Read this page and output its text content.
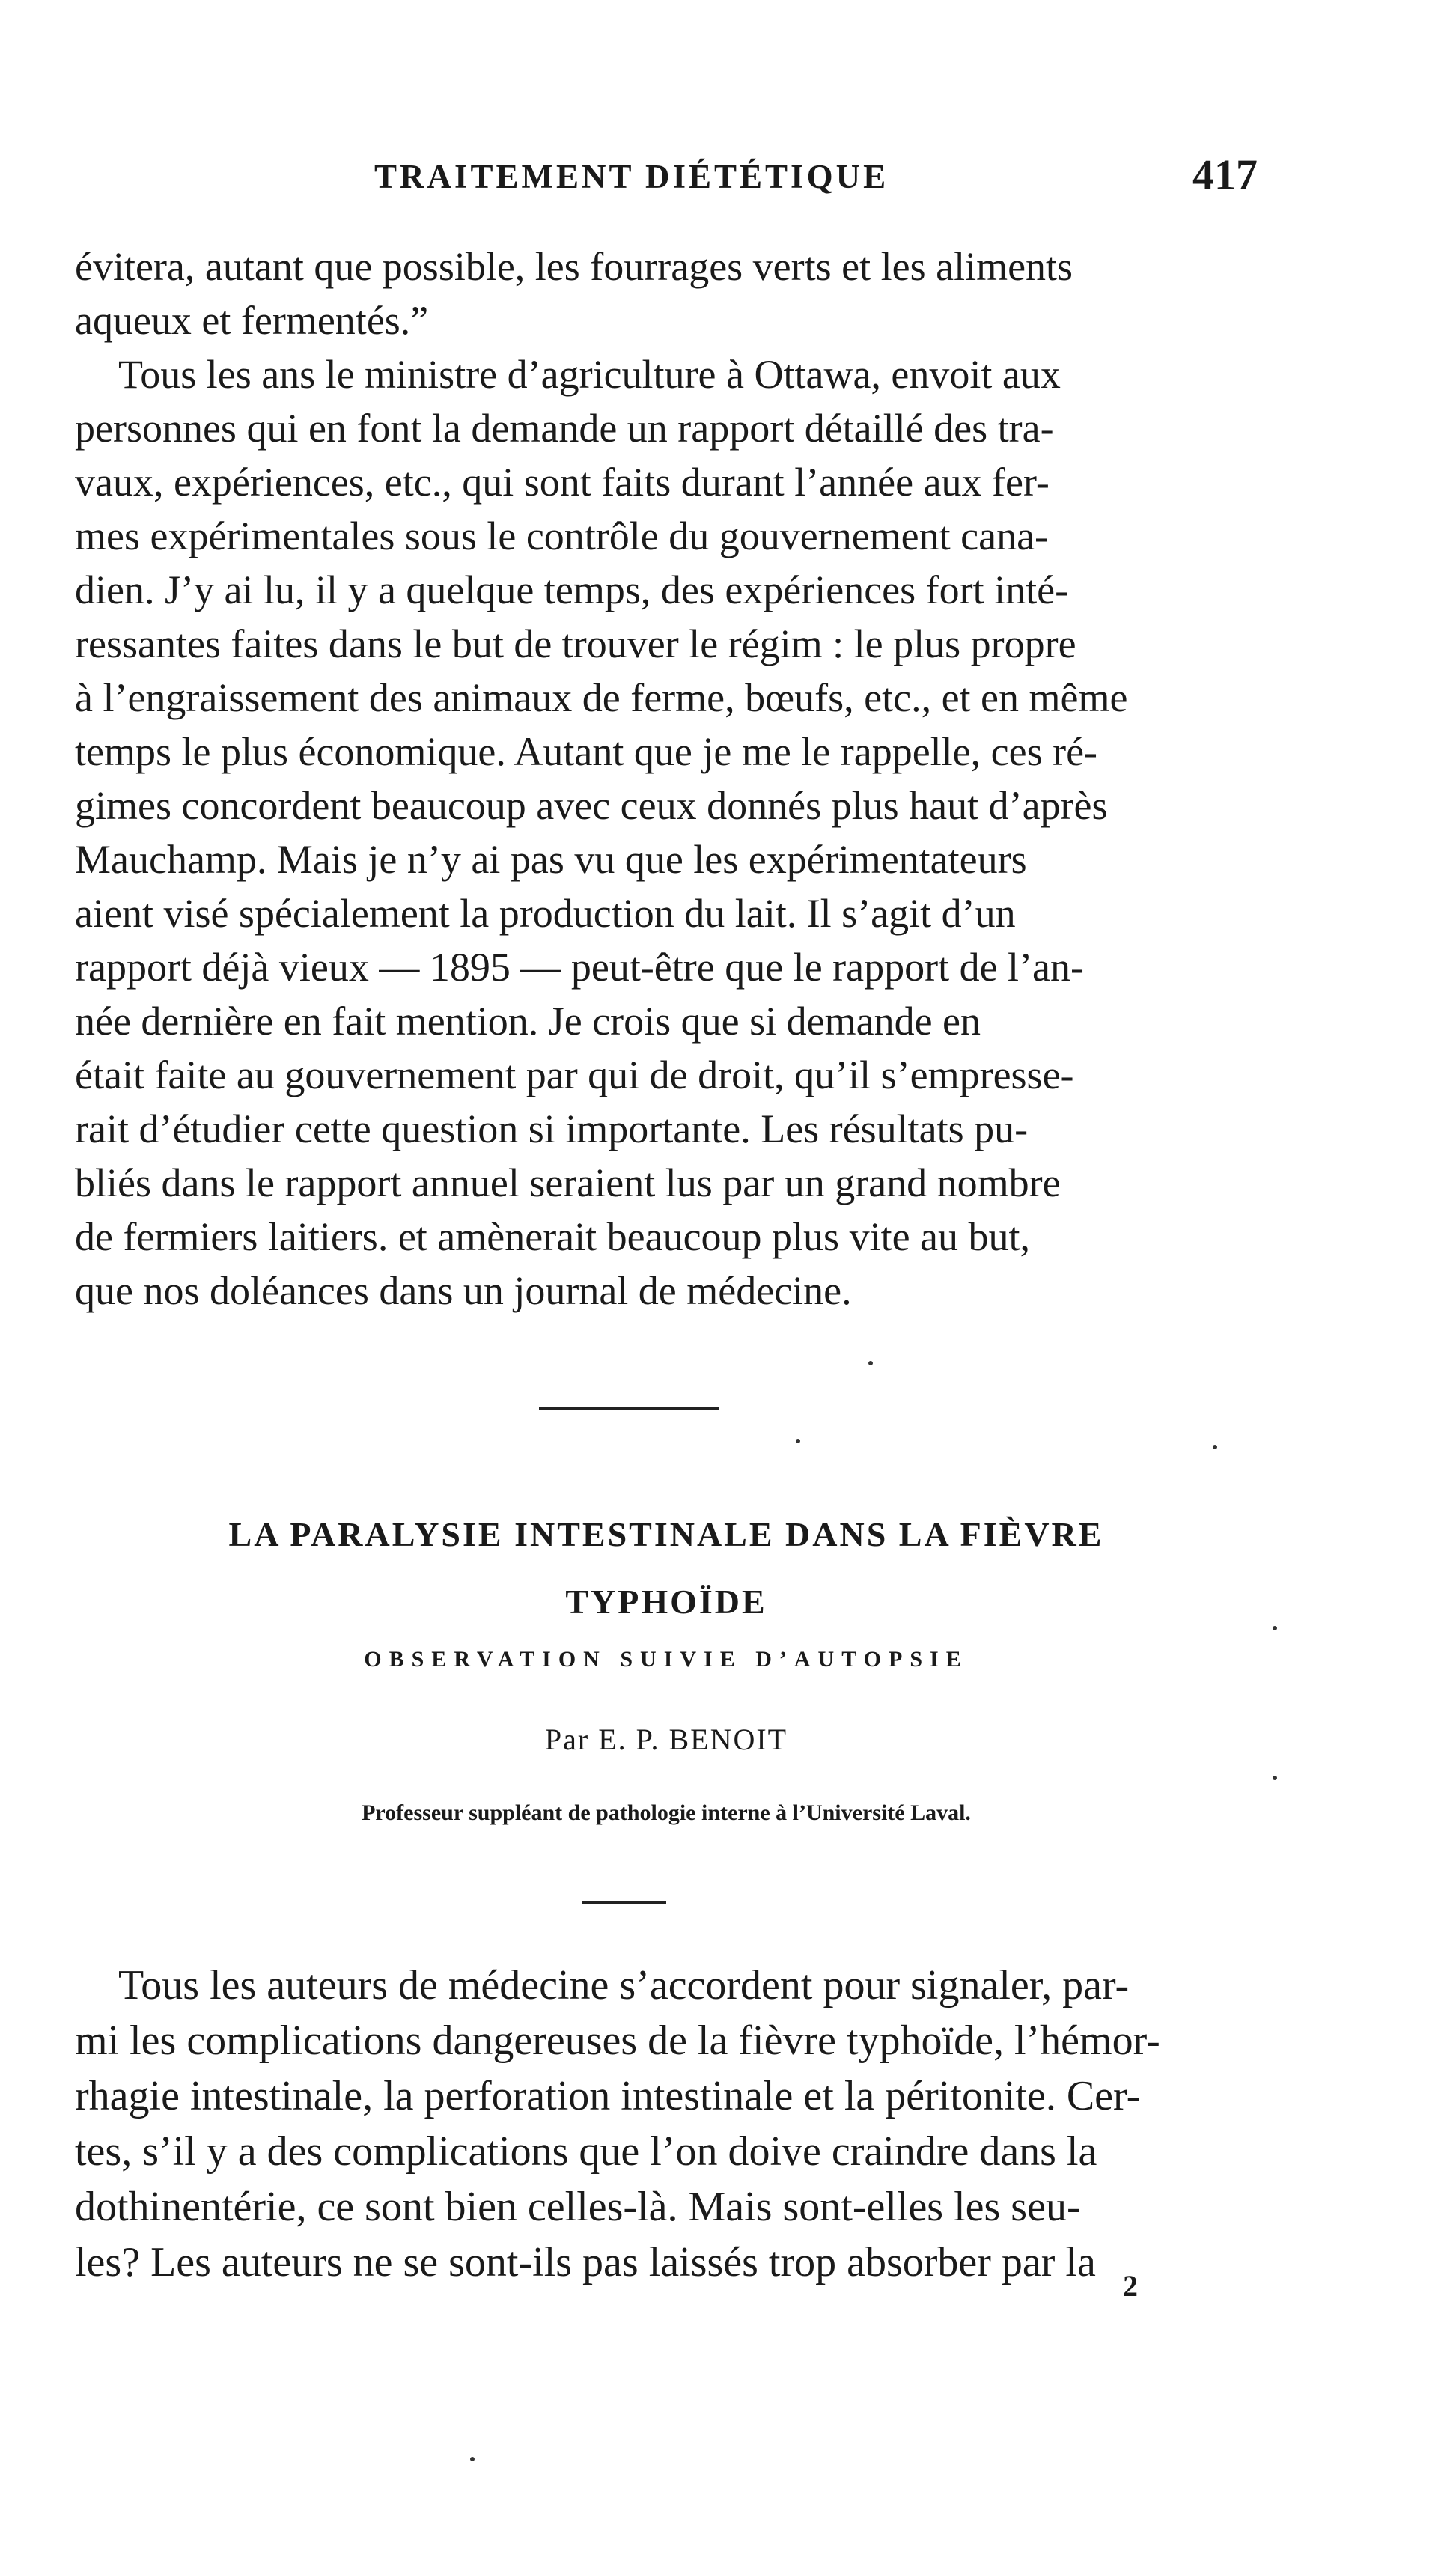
TRAITEMENT DIÉTÉTIQUE	417

évitera, autant que possible, les fourrages verts et les aliments

aqueux et fermentés.”

Tous les ans le ministre d’agriculture à Ottawa, envoit aux

personnes qui en font la demande un rapport détaillé des tra-

vaux, expériences, etc., qui sont faits durant l’année aux fer-

mes expérimentales sous le contrôle du gouvernement cana-

dien. J’y ai lu, il y a quelque temps, des expériences fort inté-

ressantes faites dans le but de trouver le régim : le plus propre

à l’engraissement des animaux de ferme, bœufs, etc., et en même

temps le plus économique. Autant que je me le rappelle, ces ré-

gimes concordent beaucoup avec ceux donnés plus haut d’après

Mauchamp. Mais je n’y ai pas vu que les expérimentateurs

aient visé spécialement la production du lait. Il s’agit d’un

rapport déjà vieux — 1895 — peut-être que le rapport de l’an-

née dernière en fait mention. Je crois que si demande en

était faite au gouvernement par qui de droit, qu’il s’empresse-

rait d’étudier cette question si importante. Les résultats pu-

bliés dans le rapport annuel seraient lus par un grand nombre

de fermiers laitiers. et amènerait beaucoup plus vite au but,

que nos doléances dans un journal de médecine.

LA PARALYSIE INTESTINALE DANS LA FIÈVRE
TYPHOÏDE
OBSERVATION SUIVIE D’AUTOPSIE
Par E. P. BENOIT
Professeur suppléant de pathologie interne à l’Université Laval.

Tous les auteurs de médecine s’accordent pour signaler, par-

mi les complications dangereuses de la fièvre typhoïde, l’hémor-

rhagie intestinale, la perforation intestinale et la péritonite. Cer-

tes, s’il y a des complications que l’on doive craindre dans la

dothinentérie, ce sont bien celles-là. Mais sont-elles les seu-

les? Les auteurs ne se sont-ils pas laissés trop absorber par la

2
